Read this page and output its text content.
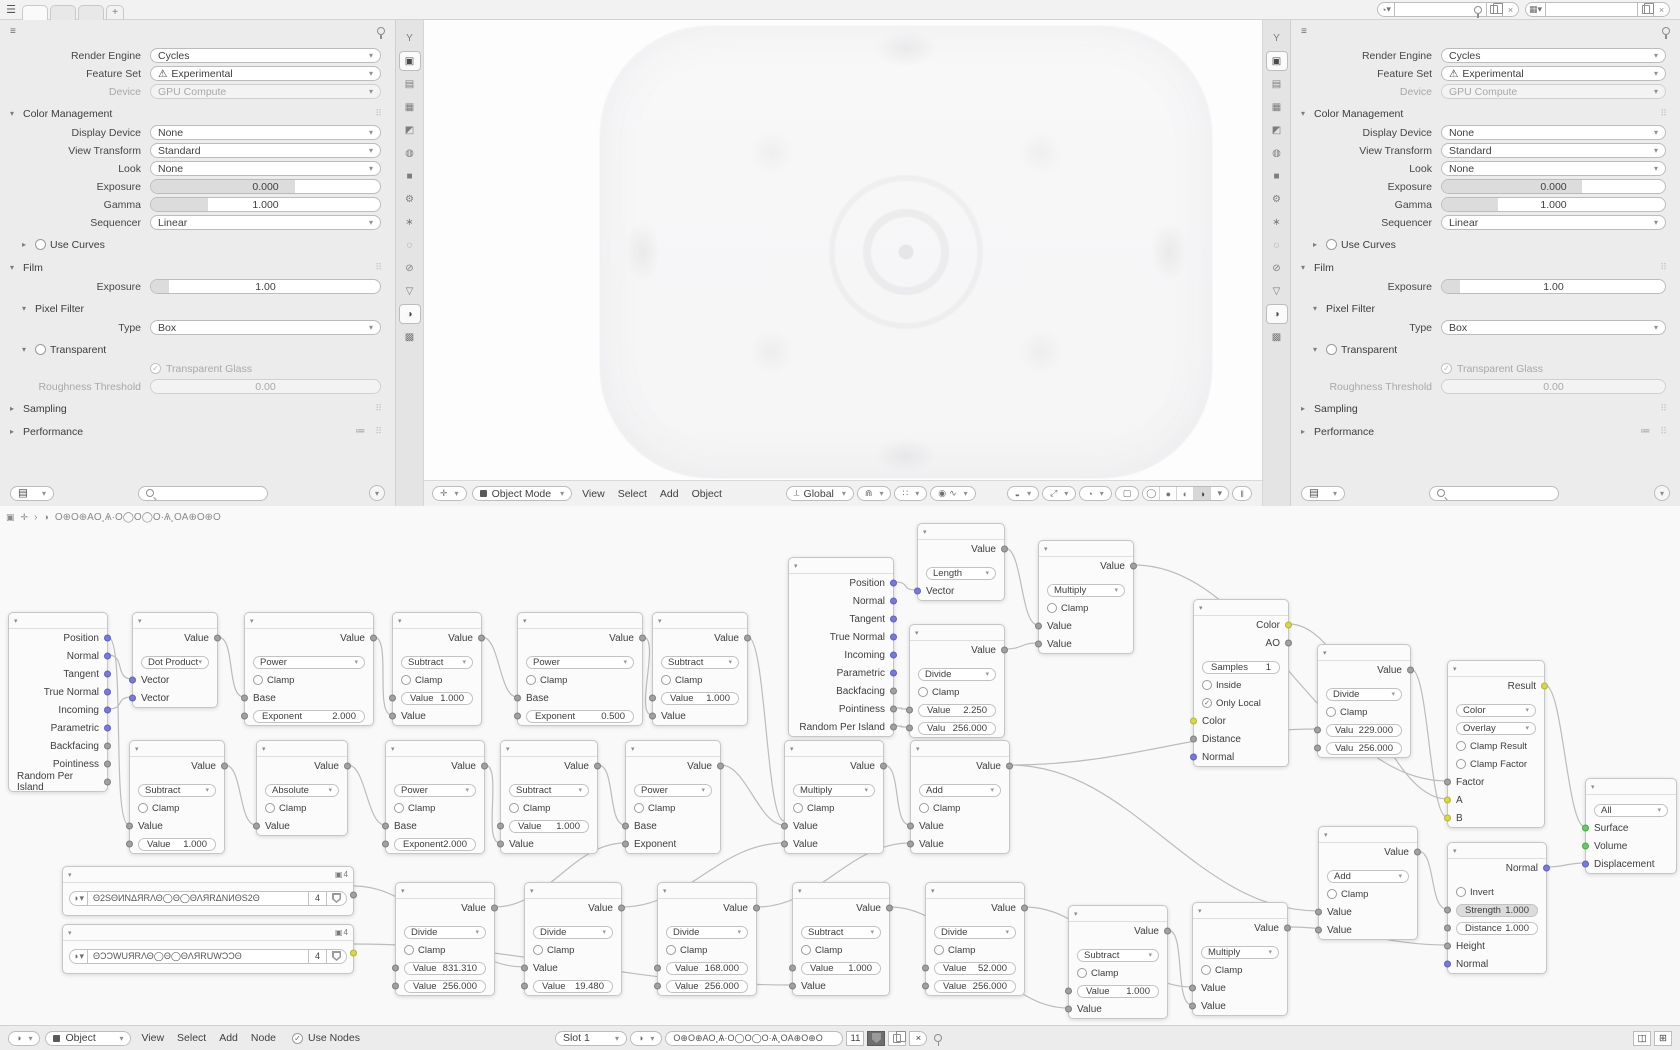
☰	+	◔ ▾	×	▦ ▾	×
≡
Render Engine	Cycles	▾
Feature Set	⚠ Experimental	▾
Device	GPU Compute	▾
▾ Color Management	⠿
Display Device	None	▾
View Transform	Standard	▾
Look	None	▾
Exposure	0.000
Gamma	1.000
Sequencer	Linear	▾
▸	Use Curves
▾ Film	⠿
Exposure	1.00
▾ Pixel Filter
Type	Box	▾
▾	Transparent
✓
Transparent Glass
Roughness Threshold	0.00
▸ Sampling	⠿
▸ Performance	≔ ⠿
▤	▾	▾
Y
▣
▤
▦
◩
◍
■
⚙
∗
◌
⊘
▽
◑
▩
✛ ▾	Object Mode	▾	View	Select	Add	Object	⟂ Global	▾ ⋒ ▾ ∷ ▾ ◉ ∿ ▾	◒ ▾ ⤢ ▾ ◔ ▾ ▢	◯	●	◐	◑	▾	‖
Y
▣
▤
▦
◩
◍
■
⚙
∗
◌
⊘
▽
◑
▩
≡
Render Engine	Cycles	▾
Feature Set	⚠ Experimental	▾
Device	GPU Compute	▾
▾ Color Management	⠿
Display Device	None	▾
View Transform	Standard	▾
Look	None	▾
Exposure	0.000
Gamma	1.000
Sequencer	Linear	▾
▸	Use Curves
▾ Film	⠿
Exposure	1.00
▾ Pixel Filter
Type	Box	▾
▾	Transparent
✓
Transparent Glass
Roughness Threshold	0.00
▸ Sampling	⠿
▸ Performance	≔ ⠿
▤	▾	▾
▣ ✛ › ◑ O⊕O⊕AO¸Ѧ·O◯O◯O·Ѧ¸OA⊕O⊕O
▾
Position
Normal
Tangent
True Normal
Incoming
Parametric
Backfacing
Pointiness
Random Per Island
▾
Value
Dot Product ▾
Vector
Vector
▾
Value
Power	▾
Clamp
Base
Exponent	2.000
▾
Value
Subtract	▾
Clamp
Value 1.000
Value
▾
Value
Power	▾
Clamp
Base
Exponent	0.500
▾
Value
Subtract	▾
Clamp
Value 1.000
Value
▾
Position
Normal
Tangent
True Normal
Incoming
Parametric
Backfacing
Pointiness
Random Per Island
▾
Value
Length	▾
Vector
▾
Value
Multiply	▾
Clamp
Value
Value
▾
Value
Divide	▾
Clamp
Value 2.250
Valu 256.000
▾
Color
AO
Samples 1
Inside
✓
Only Local
Color
Distance
Normal
▾
Value
Divide	▾
Clamp
Valu 229.000
Valu 256.000
▾
Result
Color	▾
Overlay	▾
Clamp Result
Clamp Factor
Factor
A
B
▾
All	▾
Surface
Volume
Displacement
▾
Normal
Invert
Strength 1.000
Distance 1.000
Height
Normal
▾
Value
Subtract	▾
Clamp
Value
Value 1.000
▾
Value
Absolute	▾
Clamp
Value
▾
Value
Power	▾
Clamp
Base
Exponent 2.000
▾
Value
Subtract	▾
Clamp
Value 1.000
Value
▾
Value
Power	▾
Clamp
Base
Exponent
▾
Value
Multiply	▾
Clamp
Value
Value
▾
Value
Add	▾
Clamp
Value
Value
▾	▣ 4
◑ ▾	Θ2SΘИNΔЯRΛΘ◯Θ◯ΘΛЯRΔNИΘS2Θ	4
▾	▣ 4
◑ ▾	ΘƆƆWUЯRΛΘ◯Θ◯ΘΛЯRUWƆƆΘ	4
▾
Value
Divide	▾
Clamp
Value 831.310
Value 256.000
▾
Value
Divide	▾
Clamp
Value
Value 19.480
▾
Value
Divide	▾
Clamp
Value 168.000
Value 256.000
▾
Value
Subtract	▾
Clamp
Value 1.000
Value
▾
Value
Divide	▾
Clamp
Value 52.000
Value 256.000
▾
Value
Subtract	▾
Clamp
Value 1.000
Value
▾
Value
Multiply	▾
Clamp
Value
Value
▾
Value
Add	▾
Clamp
Value
Value
◑ ▾	Object	▾	View	Select	Add	Node ✓	Use Nodes	Slot 1	▾ ◑ ▾ O⊕O⊕AO¸Ѧ·O◯O◯O·Ѧ¸OA⊕O⊕O	11	×	◫	⊞
